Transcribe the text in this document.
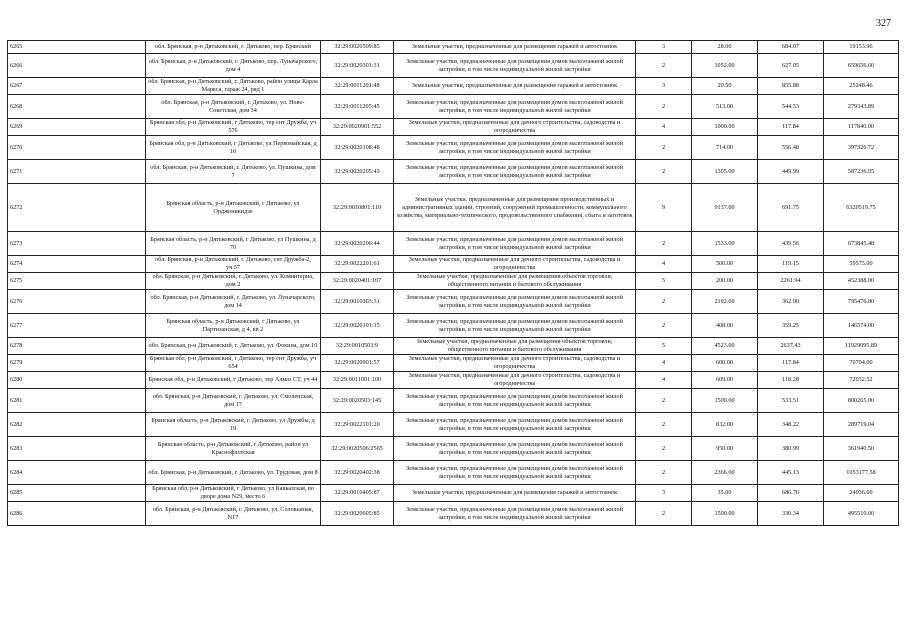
327
6265	обл. Брянская, р-н Дятьковский, г. Дятьково, пер. Брянский	32:29:0020509:85	Земельные участки, предназначенные для размещения гаражей и автостоянок	3	28.00	684.07	19153.96
6266	обл. Брянская, р-н Дятьковский, г. Дятьково, пер. Луначарского, дом 4	32:29:0020301:31	Земельные участки, предназначенные для размещения домов малоэтажной жилой застройки, в том числе индивидуальной жилой застройки	2	1052.00	627.05	659656.60
6267	обл. Брянская, р-н Дятьковский, г. Дятьково, район улицы Карла Маркса, гараж 24, ряд 1	32:29:0011201:48	Земельные участки, предназначенные для размещения гаражей и автостоянок	3	29.50	855.88	25248.46
6268	обл. Брянская, р-н Дятьковский, г. Дятьково, ул. Ново-Советская, дом 34	32:29:0011205:45	Земельные участки, предназначенные для размещения домов малоэтажной жилой застройки, в том числе индивидуальной жилой застройки	2	513.00	544.53	279343.89
6269	Брянская обл, р-н Дятьковский, г Дятьково, тер снт Дружба, уч 576	32:29:0020901:552	Земельные участки, предназначенные для дачного строительства, садоводства и огородничества	4	1000.00	117.84	117840.00
6270	Брянская обл, р-н Дятьковский, г Дятьково, ул Первомайская, д 10	32:29:0020108:48	Земельные участки, предназначенные для размещения домов малоэтажной жилой застройки, в том числе индивидуальной жилой застройки	2	714.00	556.48	397326.72
6271	обл. Брянская, р-н Дятьковский, г. Дятьково, ул. Пушкина, дом 7	32:29:0020205:43	Земельные участки, предназначенные для размещения домов малоэтажной жилой застройки, в том числе индивидуальной жилой застройки	2	1305.00	449.99	587236.95
6272	Брянская область, р-н Дятьковский, г Дятьково, ул Орджоникидзе	32:29:0010801:110	Земельные участки, предназначенные для размещения производственных и административных зданий, строений, сооружений промышленности, коммунального хозяйства, материально-технического, продовольственного снабжения, сбыта и заготовок	9	9137.00	691.75	6320519.75
6273	Брянская область, р-н Дятьковский, г Дятьково, ул Пушкина, д 70	32:29:0020206:44	Земельные участки, предназначенные для размещения домов малоэтажной жилой застройки, в том числе индивидуальной жилой застройки	2	1533.00	439.56	673845.48
6274	обл. Брянская, р-н Дятьковский, г. Дятьково, снт Дружба-2, уч.57	32:29:0022201:61	Земельные участки, предназначенные для дачного строительства, садоводства и огородничества	4	500.00	119.15	59575.00
6275	обл. Брянская, р-н Дятьковский, г. Дятьково, ул. Коминтерна, дом 2	32:29:0020401:107	Земельные участки, предназначенные для размещения объектов торговли, общественного питания и бытового обслуживания	5	200.00	2261.94	452388.00
6276	обл. Брянская, р-н Дятьковский, г. Дятьково, ул. Луначарского, дом 14	32:29:0010303:31	Земельные участки, предназначенные для размещения домов малоэтажной жилой застройки, в том числе индивидуальной жилой застройки	2	2192.00	362.90	795476.80
6277	Брянская область, р-н Дятьковский, г Дятьково, ул Партизанская, д 4, кв 2	32:29:0020101:15	Земельные участки, предназначенные для размещения домов малоэтажной жилой застройки, в том числе индивидуальной жилой застройки	2	408.00	359.25	146574.00
6278	обл. Брянская, р-н Дятьковский, г. Дятьково, ул. Фокина, дом 10	32:29:0010503:9	Земельные участки, предназначенные для размещения объектов торговли, общественного питания и бытового обслуживания	5	4523.00	2637.43	11929095.89
6279	Брянская обл, р-н Дятьковский, г Дятьково, тер снт Дружба, уч 654	32:29:0020901:57	Земельные участки, предназначенные для дачного строительства, садоводства и огородничества	4	600.00	117.84	70704.00
6280	Брянская обл, р-н Дятьковский, г Дятьково, тер Алмаз СТ, уч 44	32:29:0011001:100	Земельные участки, предназначенные для дачного строительства, садоводства и огородничества	4	609.00	118.28	72032.52
6281	обл. Брянская, р-н Дятьковский, г. Дятьково, ул. Смоленская, дом 17	32:29:0020503:145	Земельные участки, предназначенные для размещения домов малоэтажной жилой застройки, в том числе индивидуальной жилой застройки	2	1500.00	533.51	800265.00
6282	Брянская область, р-н Дятьковский, г. Дятьково, ул Дружбы, д 19	32:29:0022101:20	Земельные участки, предназначенные для размещения домов малоэтажной жилой застройки, в том числе индивидуальной жилой застройки	2	832.00	348.22	289719.04
6283	Брянская область, р-н Дятьковский, г Дятьково, район ул Краснофлотская	32:29:0020506:2565	Земельные участки, предназначенные для размещения домов малоэтажной жилой застройки, в том числе индивидуальной жилой застройки	2	950.00	380.99	361940.50
6284	обл. Брянская, р-н Дятьковский, г. Дятьково, ул. Трудовая, дом 8	32:29:0020402:38	Земельные участки, предназначенные для размещения домов малоэтажной жилой застройки, в том числе индивидуальной жилой застройки	2	2366.00	445.13	1053177.58
6285	Брянская обл, р-н Дятьковский, г Дятьково, ул Кавказская, во дворе дома N29, место 6	32:29:0010405:87	Земельные участки, предназначенные для размещения гаражей и автостоянок	3	35.00	686.76	24036.60
6286	обл. Брянская, р-н Дятьковский, г. Дятьково, ул. Соловьиная, N17	32:29:0020605:85	Земельные участки, предназначенные для размещения домов малоэтажной жилой застройки, в том числе индивидуальной жилой застройки	2	1500.00	330.34	495510.00
